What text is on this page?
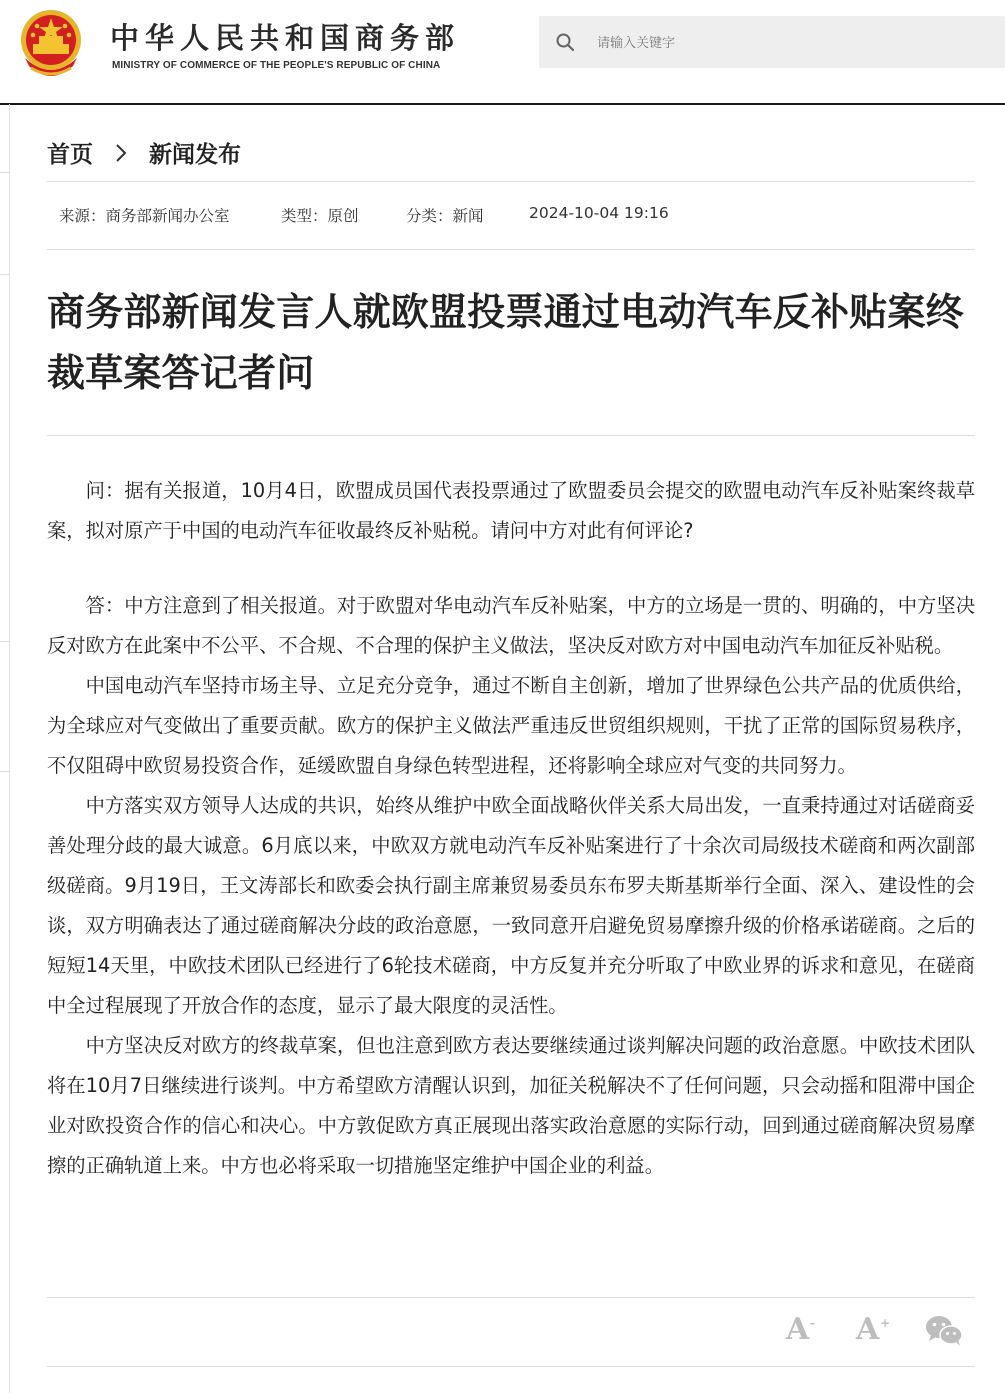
中华人民共和国商务部
MINISTRY OF COMMERCE OF THE PEOPLE'S REPUBLIC OF CHINA
请输入关键字
首页 新闻发布
来源：商务部新闻办公室	类型：原创	分类：新闻	2024-10-04 19:16
商务部新闻发言人就欧盟投票通过电动汽车反补贴案终裁草案答记者问

问：据有关报道，10月4日，欧盟成员国代表投票通过了欧盟委员会提交的欧盟电动汽车反补贴案终裁草案，拟对原产于中国的电动汽车征收最终反补贴税。请问中方对此有何评论?

答：中方注意到了相关报道。对于欧盟对华电动汽车反补贴案，中方的立场是一贯的、明确的，中方坚决反对欧方在此案中不公平、不合规、不合理的保护主义做法，坚决反对欧方对中国电动汽车加征反补贴税。

中国电动汽车坚持市场主导、立足充分竞争，通过不断自主创新，增加了世界绿色公共产品的优质供给，为全球应对气变做出了重要贡献。欧方的保护主义做法严重违反世贸组织规则，干扰了正常的国际贸易秩序，不仅阻碍中欧贸易投资合作，延缓欧盟自身绿色转型进程，还将影响全球应对气变的共同努力。

中方落实双方领导人达成的共识，始终从维护中欧全面战略伙伴关系大局出发，一直秉持通过对话磋商妥善处理分歧的最大诚意。6月底以来，中欧双方就电动汽车反补贴案进行了十余次司局级技术磋商和两次副部级磋商。9月19日，王文涛部长和欧委会执行副主席兼贸易委员东布罗夫斯基斯举行全面、深入、建设性的会谈，双方明确表达了通过磋商解决分歧的政治意愿，一致同意开启避免贸易摩擦升级的价格承诺磋商。之后的短短14天里，中欧技术团队已经进行了6轮技术磋商，中方反复并充分听取了中欧业界的诉求和意见，在磋商中全过程展现了开放合作的态度，显示了最大限度的灵活性。

中方坚决反对欧方的终裁草案，但也注意到欧方表达要继续通过谈判解决问题的政治意愿。中欧技术团队将在10月7日继续进行谈判。中方希望欧方清醒认识到，加征关税解决不了任何问题，只会动摇和阻滞中国企业对欧投资合作的信心和决心。中方敦促欧方真正展现出落实政治意愿的实际行动，回到通过磋商解决贸易摩擦的正确轨道上来。中方也必将采取一切措施坚定维护中国企业的利益。

A - A +
